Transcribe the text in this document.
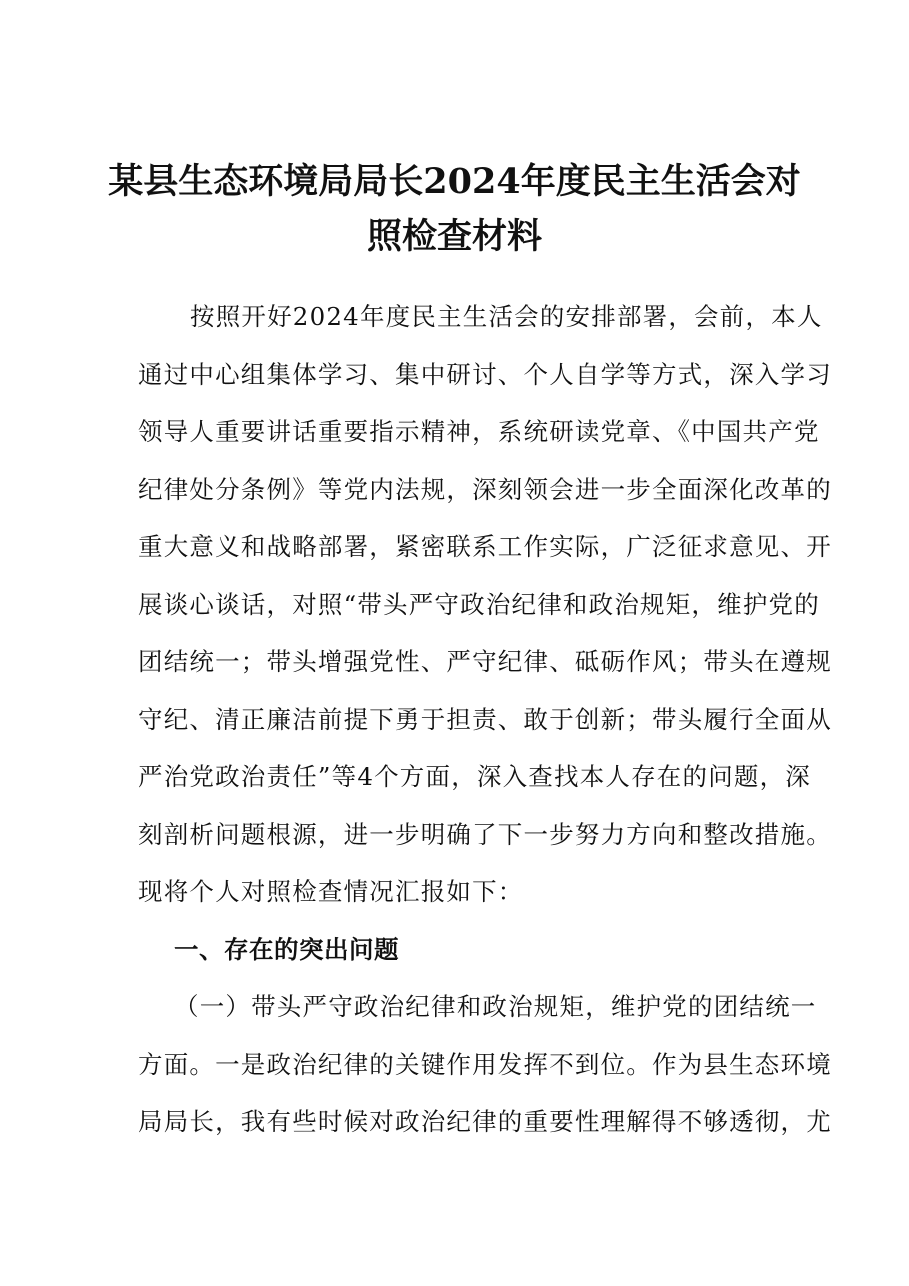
某县生态环境局局长2024年度民主生活会对
照检查材料
按照开好2024年度民主生活会的安排部署，会前，本人
通过中心组集体学习、集中研讨、个人自学等方式，深入学习
领导人重要讲话重要指示精神，系统研读党章、《中国共产党
纪律处分条例》等党内法规，深刻领会进一步全面深化改革的
重大意义和战略部署，紧密联系工作实际，广泛征求意见、开
展谈心谈话，对照“带头严守政治纪律和政治规矩，维护党的
团结统一；带头增强党性、严守纪律、砥砺作风；带头在遵规
守纪、清正廉洁前提下勇于担责、敢于创新；带头履行全面从
严治党政治责任”等4个方面，深入查找本人存在的问题，深
刻剖析问题根源，进一步明确了下一步努力方向和整改措施。
现将个人对照检查情况汇报如下：
一、存在的突出问题
（一）带头严守政治纪律和政治规矩，维护党的团结统一
方面。一是政治纪律的关键作用发挥不到位。作为县生态环境
局局长，我有些时候对政治纪律的重要性理解得不够透彻，尤
